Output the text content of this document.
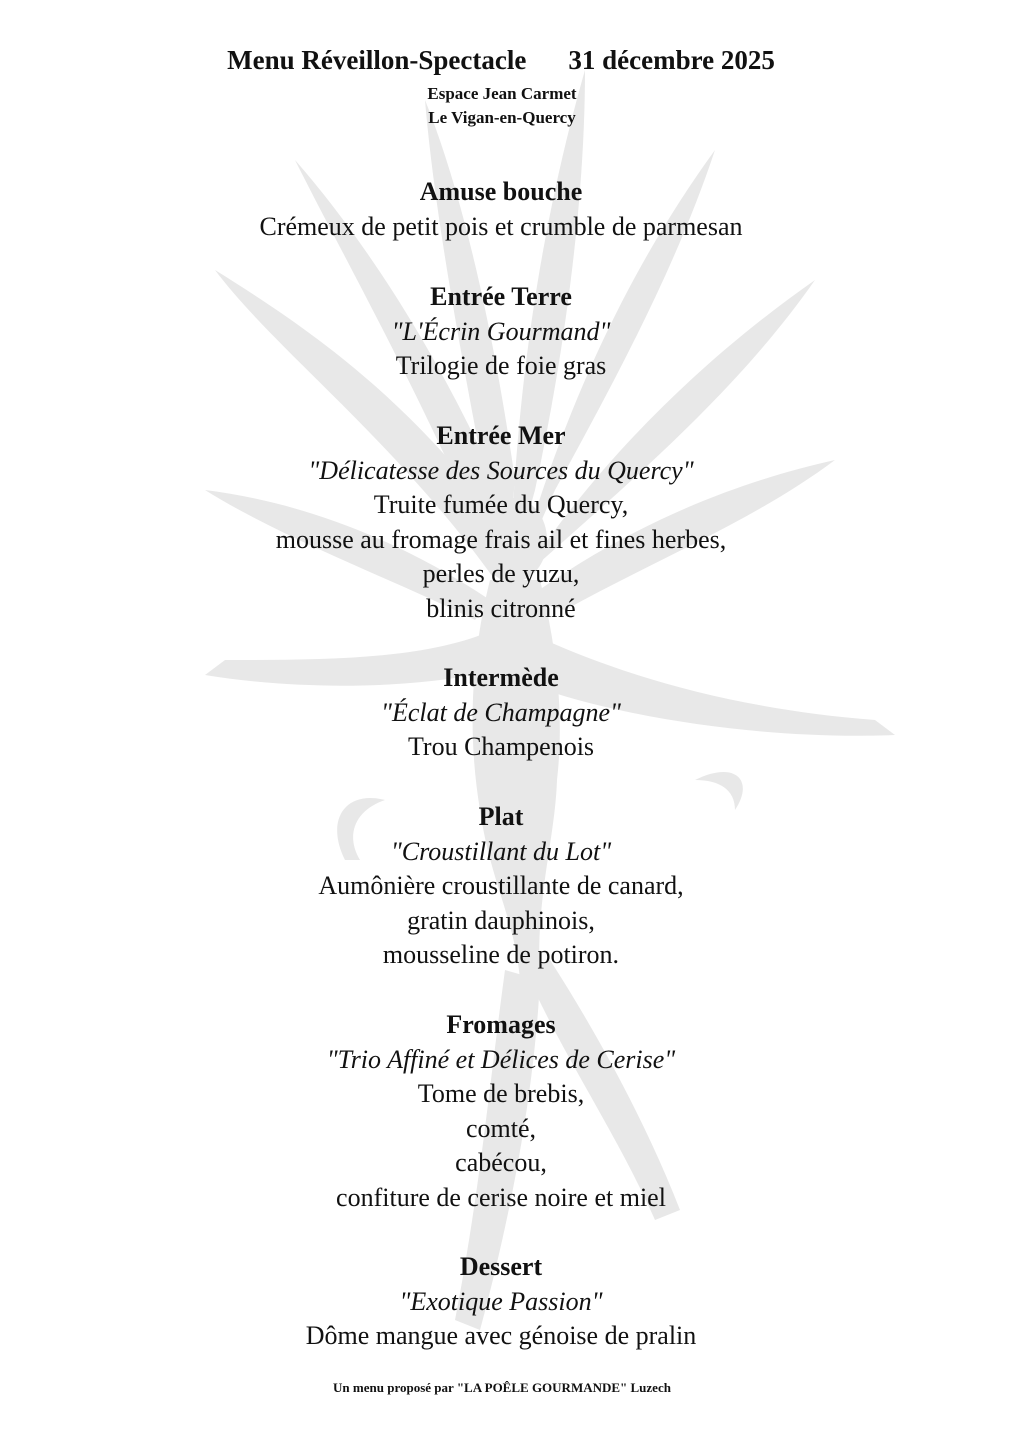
Menu Réveillon-Spectacle 31 décembre 2025
Espace Jean Carmet
Le Vigan-en-Quercy
Amuse bouche
Crémeux de petit pois et crumble de parmesan
Entrée Terre
"L'Écrin Gourmand"
Trilogie de foie gras
Entrée Mer
"Délicatesse des Sources du Quercy"
Truite fumée du Quercy,
mousse au fromage frais ail et fines herbes,
perles de yuzu,
blinis citronné
Intermède
"Éclat de Champagne"
Trou Champenois
Plat
"Croustillant du Lot"
Aumônière croustillante de canard,
gratin dauphinois,
mousseline de potiron.
Fromages
"Trio Affiné et Délices de Cerise"
Tome de brebis,
comté,
cabécou,
confiture de cerise noire et miel
Dessert
"Exotique Passion"
Dôme mangue avec génoise de pralin
Un menu proposé par "LA POÊLE GOURMANDE" Luzech
